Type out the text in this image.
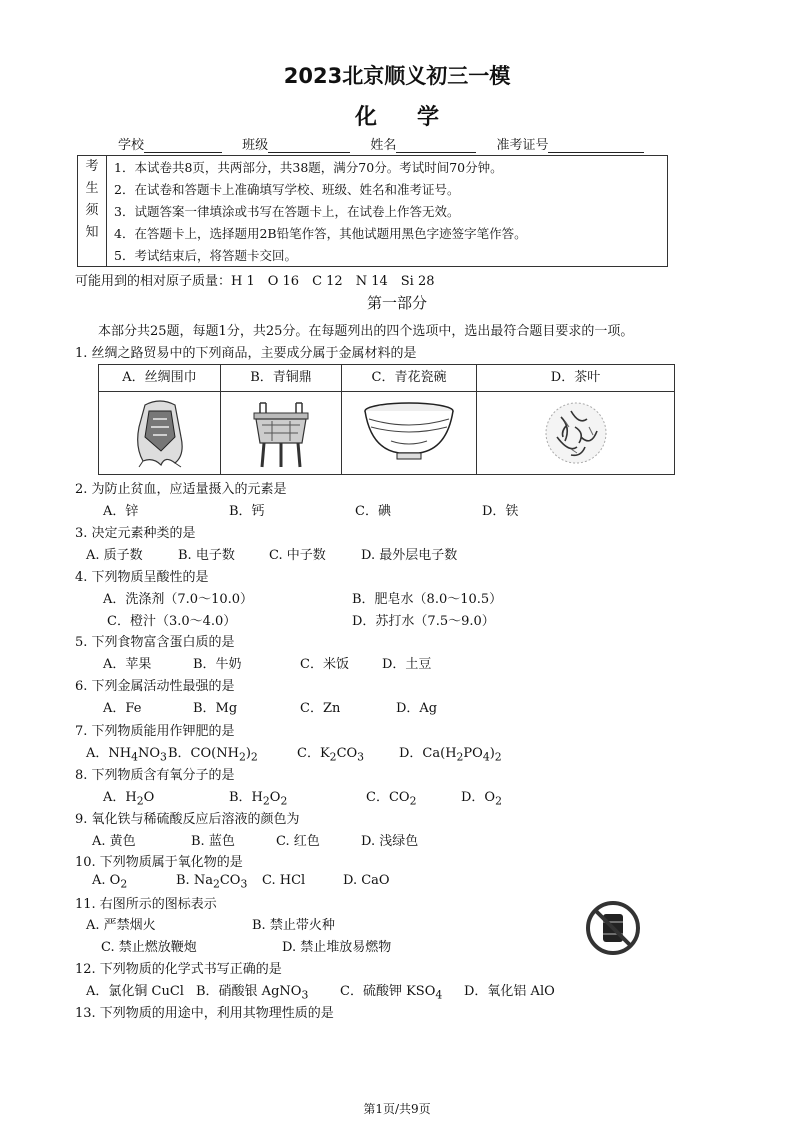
2023北京顺义初三一模
化学
学校	班级	姓名	准考证号
考
生
须
知
1．本试卷共8页，共两部分，共38题，满分70分。考试时间70分钟。
2．在试卷和答题卡上准确填写学校、班级、姓名和准考证号。
3．试题答案一律填涂或书写在答题卡上，在试卷上作答无效。
4．在答题卡上，选择题用2B铅笔作答，其他试题用黑色字迹签字笔作答。
5．考试结束后，将答题卡交回。
可能用到的相对原子质量：H 1　O 16　C 12　N 14　Si 28
第一部分
本部分共25题，每题1分，共25分。在每题列出的四个选项中，选出最符合题目要求的一项。
1. 丝绸之路贸易中的下列商品，主要成分属于金属材料的是
A．丝绸围巾	B．青铜鼎	C．青花瓷碗	D．茶叶
2. 为防止贫血，应适量摄入的元素是
A．锌	B．钙	C．碘	D．铁
3. 决定元素种类的是
A. 质子数	B. 电子数	C. 中子数	D. 最外层电子数
4. 下列物质呈酸性的是
A．洗涤剂（7.0～10.0）	B．肥皂水（8.0～10.5）
C．橙汁（3.0～4.0）	D．苏打水（7.5～9.0）
5. 下列食物富含蛋白质的是
A．苹果	B．牛奶	C．米饭	D．土豆
6. 下列金属活动性最强的是
A．Fe	B．Mg	C．Zn	D．Ag
7. 下列物质能用作钾肥的是
A．$NH_4NO_3$ B．$CO(NH_2)_2$	C．$K_2CO_3$	D．$Ca(H_2PO_4)_2$
8. 下列物质含有氧分子的是
A．$H_2O$	B．$H_2O_2$	C．$CO_2$	D．$O_2$
9. 氧化铁与稀硫酸反应后溶液的颜色为
A. 黄色	B. 蓝色	C. 红色	D. 浅绿色
10. 下列物质属于氧化物的是
A. $O_2$	B. $Na_2CO_3$ C. HCl	D. CaO
11. 右图所示的图标表示
A. 严禁烟火	B. 禁止带火种
C. 禁止燃放鞭炮	D. 禁止堆放易燃物
12. 下列物质的化学式书写正确的是
A．氯化铜 CuCl B．硝酸银 AgNO$_3$ C．硫酸钾 $KSO_4$ D．氧化铝 AlO
13. 下列物质的用途中，利用其物理性质的是
第1页/共9页
